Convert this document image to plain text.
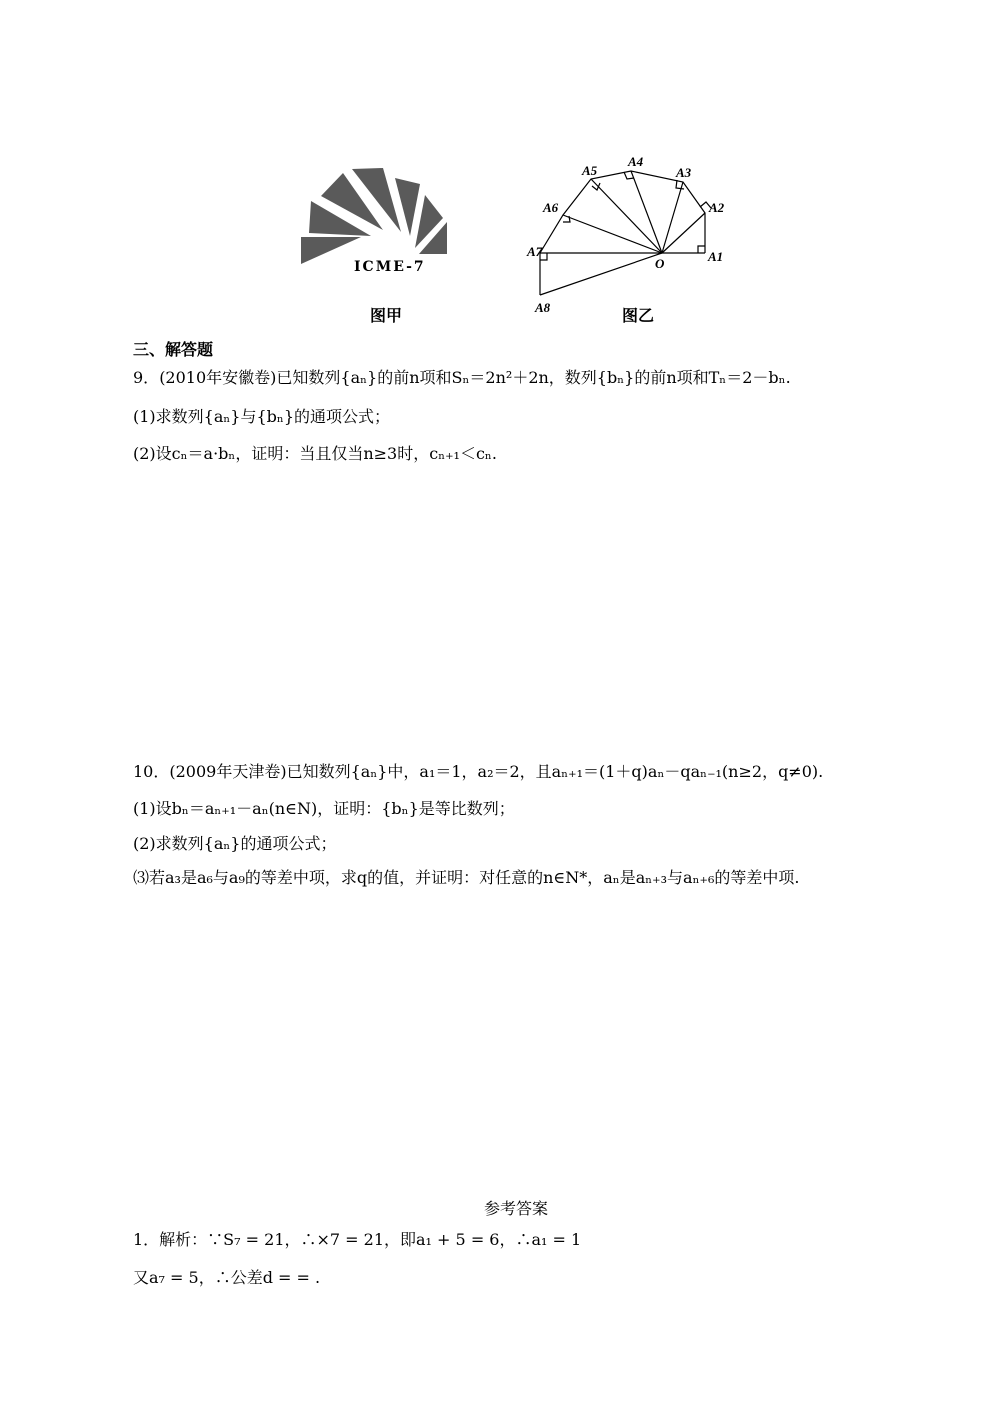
ICME-7
图甲
O	A1
A2
A3
A4
A5
A6
A7
A8	图乙
三、解答题
9．(2010年安徽卷)已知数列{aₙ}的前n项和Sₙ＝2n²＋2n，数列{bₙ}的前n项和Tₙ＝2－bₙ.
(1)求数列{aₙ}与{bₙ}的通项公式；
(2)设cₙ＝a·bₙ，证明：当且仅当n≥3时，cₙ₊₁＜cₙ.
10．(2009年天津卷)已知数列{aₙ}中，a₁＝1，a₂＝2，且aₙ₊₁＝(1＋q)aₙ－qaₙ₋₁(n≥2，q≠0).
(1)设bₙ＝aₙ₊₁－aₙ(n∈N)，证明：{bₙ}是等比数列；
(2)求数列{aₙ}的通项公式；
⑶若a₃是a₆与a₉的等差中项，求q的值，并证明：对任意的n∈N*，aₙ是aₙ₊₃与aₙ₊₆的等差中项.
参考答案
1．解析：∵S₇ = 21，∴×7 = 21，即a₁ + 5 = 6，∴a₁ = 1
又a₇ = 5，∴公差d = = .
